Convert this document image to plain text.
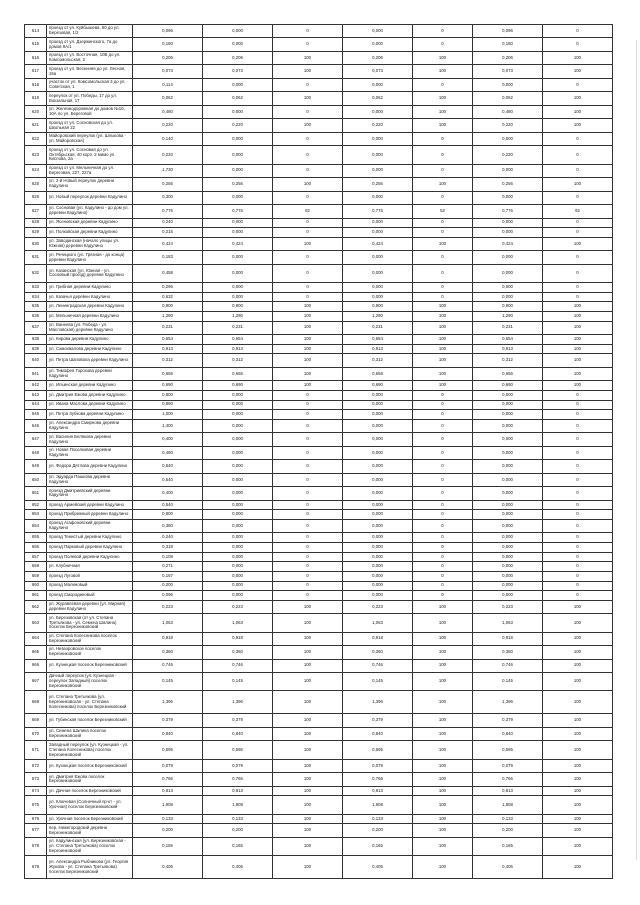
614	проезд от ул. Куйбышева, 60 до ул. Березовая, 1/2	0,096	0,000	0	0,000	0	0,096	0
615	проезд от ул. Дзержинского, 7а до домов 9А/1	0,180	0,000	0	0,000	0	0,180	0
616	проезд от ул. Восточная, 10В до ул. Комсомольская, 2	0,206	0,206	100	0,206	100	0,206	100
617	проезд от ул. Весенняя до ул. Лесная, 15а	0,073	0,073	100	0,073	100	0,073	100
618	участок от ул. Комсомольская 3 до ул. Советская, 1	0,114	0,000	0	0,000	0	0,000	0
619	переулок от ул. Победы, 17 до ул. Вокзальная, 17	0,062	0,062	100	0,062	100	0,062	100
620	ул. Железнодорожная до домов №10, 10А по ул. Береговой	0,480	0,000	0	0,000	100	0,480	100
621	проезд от ул. Сосновская до ул. Школьная 22	0,220	0,220	100	0,220	100	0,220	100
622	Майоровский переулок (ул. Шлыкова - ул. Майоровская)	0,140	0,000	0	0,000	0	0,000	0
623	проезд от ул. Сосновая до ул. Октябрьская, 40 корп. 2 мимо ул. Кислова, 2а	0,220	0,000	0	0,000	0	0,220	0
624	проезд от ул. Мельничная до ул. Береговая, 227, 227а	1,730	0,000	0	0,000	0	0,000	0
625	ул. 2-й Новый переулок деревни Кадулино	0,256	0,256	100	0,256	100	0,256	100
626	ул. Новый переулок деревни Кадулино	0,300	0,000	0	0,000	0	0,000	0
627	ул. Сосновая (ул. Кадулино - до дом ул. деревни Кадулино)	0,776	0,776	92	0,776	52	0,776	92
628	ул. Ясеновская деревни Кадулино	0,240	0,000	0	0,000	0	0,000	0
629	ул. Полковская деревни Кадулино	0,215	0,000	0	0,000	0	0,000	0
630	ул. Заводинская (начало улицы ул. Южная) деревни Кадулино	0,424	0,424	100	0,424	100	0,424	100
631	ул. Речицкого (ул. Грязная - до конца) деревни Кадулино	0,183	0,000	0	0,000	0	0,000	0
632	ул. Казанская (ул. Южная - ул. Сосновый проезд) деревни Кадулино	0,458	0,000	0	0,000	0	0,000	0
633	ул. Грибная деревни Кадулино	0,296	0,000	0	0,000	0	0,000	0
634	ул. Казачья деревни Кадулино	0,632	0,000	0	0,000	0	0,000	0
635	ул. Ленинградская деревни Кадулино	0,900	0,900	100	0,900	100	0,900	100
636	ул. Мельничная деревни Кадулино	1,290	1,290	100	1,290	100	1,290	100
637	ул. Ванеева (ул. Победа - ул. Масловская) деревни Кадулино	0,231	0,231	100	0,231	100	0,231	100
638	ул. Кирова деревни Кадулино	0,654	0,654	100	0,654	100	0,654	100
639	ул. Самохвалова деревни Кадулино	0,913	0,913	100	0,913	100	0,913	100
640	ул. Петра Шаповала деревни Кадулино	0,312	0,312	100	0,312	100	0,312	100
641	ул. Тимофея Горохова деревни Кадулино	0,656	0,656	100	0,656	100	0,656	100
642	ул. Ильинская деревни Кадулино	0,690	0,690	100	0,690	100	0,690	100
643	ул. Дмитрия Ежова деревни Кадулино	0,800	0,000	0	0,000	0	0,000	0
644	ул. Ивана Маслова деревни Кадулино	0,890	0,000	0	0,000	0	0,000	0
645	ул. Петра Зубкова деревни Кадулино	1,000	0,000	0	0,000	0	0,000	0
646	ул. Александра Смирнова деревни Кадулино	1,400	0,000	0	0,000	0	0,000	0
647	ул. Василия Белякова деревни Кадулино	0,400	0,000	0	0,000	0	0,000	0
648	ул. Новая Поселковая деревни Кадулино	0,480	0,000	0	0,000	0	0,000	0
649	ул. Федора Дятлова деревни Кадулино	0,540	0,000	0	0,000	0	0,000	0
650	ул. Эдуарда Пашкова деревни Кадулино	0,540	0,000	0	0,000	0	0,000	0
651	проезд Дмитриевский деревни Кадулино	0,400	0,000	0	0,000	0	0,000	0
652	проезд Армейский деревни Кадулино	0,540	0,000	0	0,000	0	0,000	0
653	проезд Прибрежный деревни Кадулино	0,800	0,000	0	0,000	0	0,000	0
654	проезд Агафоновский деревни Кадулино	0,380	0,000	0	0,000	0	0,000	0
655	проезд Тенистый деревни Кадулино	0,240	0,000	0	0,000	0	0,000	0
656	проезд Парковый деревни Кадулино	0,318	0,000	0	0,000	0	0,000	0
657	проезд Полевой деревни Кадулино	0,108	0,000	0	0,000	0	0,000	0
658	ул. Клубничная	0,271	0,000	0	0,000	0	0,000	0
659	проезд Луговой	0,167	0,000	0	0,000	0	0,000	0
660	проезд Малиновый	0,200	0,000	0	0,000	0	0,000	0
661	проезд Смородиновый	0,096	0,000	0	0,000	0	0,000	0
662	ул. Журавлевая деревни (ул. Мирная) деревни Кадулино	0,223	0,223	100	0,223	100	0,223	100
663	ул. Березовская (от ул. Степана Третьякова - ул. Семена Шалина) поселок Березниковский	1,063	1,063	100	1,063	100	1,063	100
664	ул. Степана Колесникова поселок Березниковский	0,918	0,918	100	0,918	100	0,918	100
665	ул. Невзоровское поселок Березниковский	0,360	0,360	100	0,360	100	0,360	100
666	ул. Кузнецкая поселок Березниковский	0,746	0,746	100	0,746	100	0,746	100
667	Дачный переулок (ул. Кузнецкая - переулок Западный) поселок Березниковский	0,145	0,145	100	0,145	100	0,145	100
668	ул. Степана Третьякова (ул. Березниковская - ул. Степана Колесникова) поселок Березниковский	1,396	1,396	100	1,396	100	1,396	100
669	ул. Губинская поселок Березниковский	0,379	0,379	100	0,379	100	0,379	100
670	ул. Семена Шалина поселок Березниковский	0,840	0,840	100	0,840	100	0,840	100
671	Западный переулок (ул. Кузнецкая - ул. Степана Колесникова) поселок Березниковский	0,595	0,595	100	0,595	100	0,595	100
672	ул. Кузнецкая поселок Березниковский	0,079	0,079	100	0,079	100	0,079	100
673	ул. Дмитрия Ежова поселок Березниковский	0,766	0,766	100	0,766	100	0,766	100
674	ул. Дачная поселок Березниковский	0,813	0,813	100	0,813	100	0,813	100
675	ул. Ключевая (Солнечный пр-кт - ул. Урочная) поселок Березниковский	1,908	1,908	100	1,908	100	1,908	100
676	ул. Урочная поселок Березниковский	0,133	0,133	100	0,133	100	0,133	100
677	пер. Нижегородский деревни Березниковский	0,200	0,200	100	0,200	100	0,200	100
678	ул. Кадулинская (ул. Березниковская - ул. Степана Третьякова) поселок Березниковский	0,165	0,165	100	0,165	100	0,165	100
679	ул. Александра Рыбникова (ул. Георгия Жукова - ул. Степана Третьякова) поселок Березниковский	0,406	0,406	100	0,406	100	0,406	100
